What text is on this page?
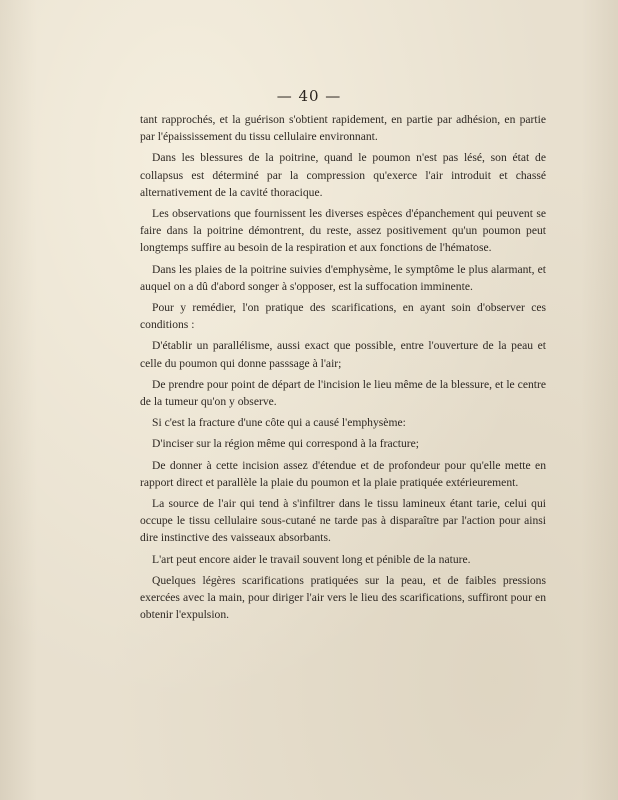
— 40 —

tant rapprochés, et la guérison s'obtient rapidement, en partie par adhésion, en partie par l'épaississement du tissu cellulaire environnant.

Dans les blessures de la poitrine, quand le poumon n'est pas lésé, son état de collapsus est déterminé par la compression qu'exerce l'air introduit et chassé alternativement de la cavité thoracique.

Les observations que fournissent les diverses espèces d'épanchement qui peuvent se faire dans la poitrine démontrent, du reste, assez positivement qu'un poumon peut longtemps suffire au besoin de la respiration et aux fonctions de l'hématose.

Dans les plaies de la poitrine suivies d'emphysème, le symptôme le plus alarmant, et auquel on a dû d'abord songer à s'opposer, est la suffocation imminente.

Pour y remédier, l'on pratique des scarifications, en ayant soin d'observer ces conditions :

D'établir un parallélisme, aussi exact que possible, entre l'ouverture de la peau et celle du poumon qui donne passsage à l'air;

De prendre pour point de départ de l'incision le lieu même de la blessure, et le centre de la tumeur qu'on y observe.

Si c'est la fracture d'une côte qui a causé l'emphysème:

D'inciser sur la région même qui correspond à la fracture;

De donner à cette incision assez d'étendue et de profondeur pour qu'elle mette en rapport direct et parallèle la plaie du poumon et la plaie pratiquée extérieurement.

La source de l'air qui tend à s'infiltrer dans le tissu lamineux étant tarie, celui qui occupe le tissu cellulaire sous-cutané ne tarde pas à disparaître par l'action pour ainsi dire instinctive des vaisseaux absorbants.

L'art peut encore aider le travail souvent long et pénible de la nature.

Quelques légères scarifications pratiquées sur la peau, et de faibles pressions exercées avec la main, pour diriger l'air vers le lieu des scarifications, suffiront pour en obtenir l'expulsion.
